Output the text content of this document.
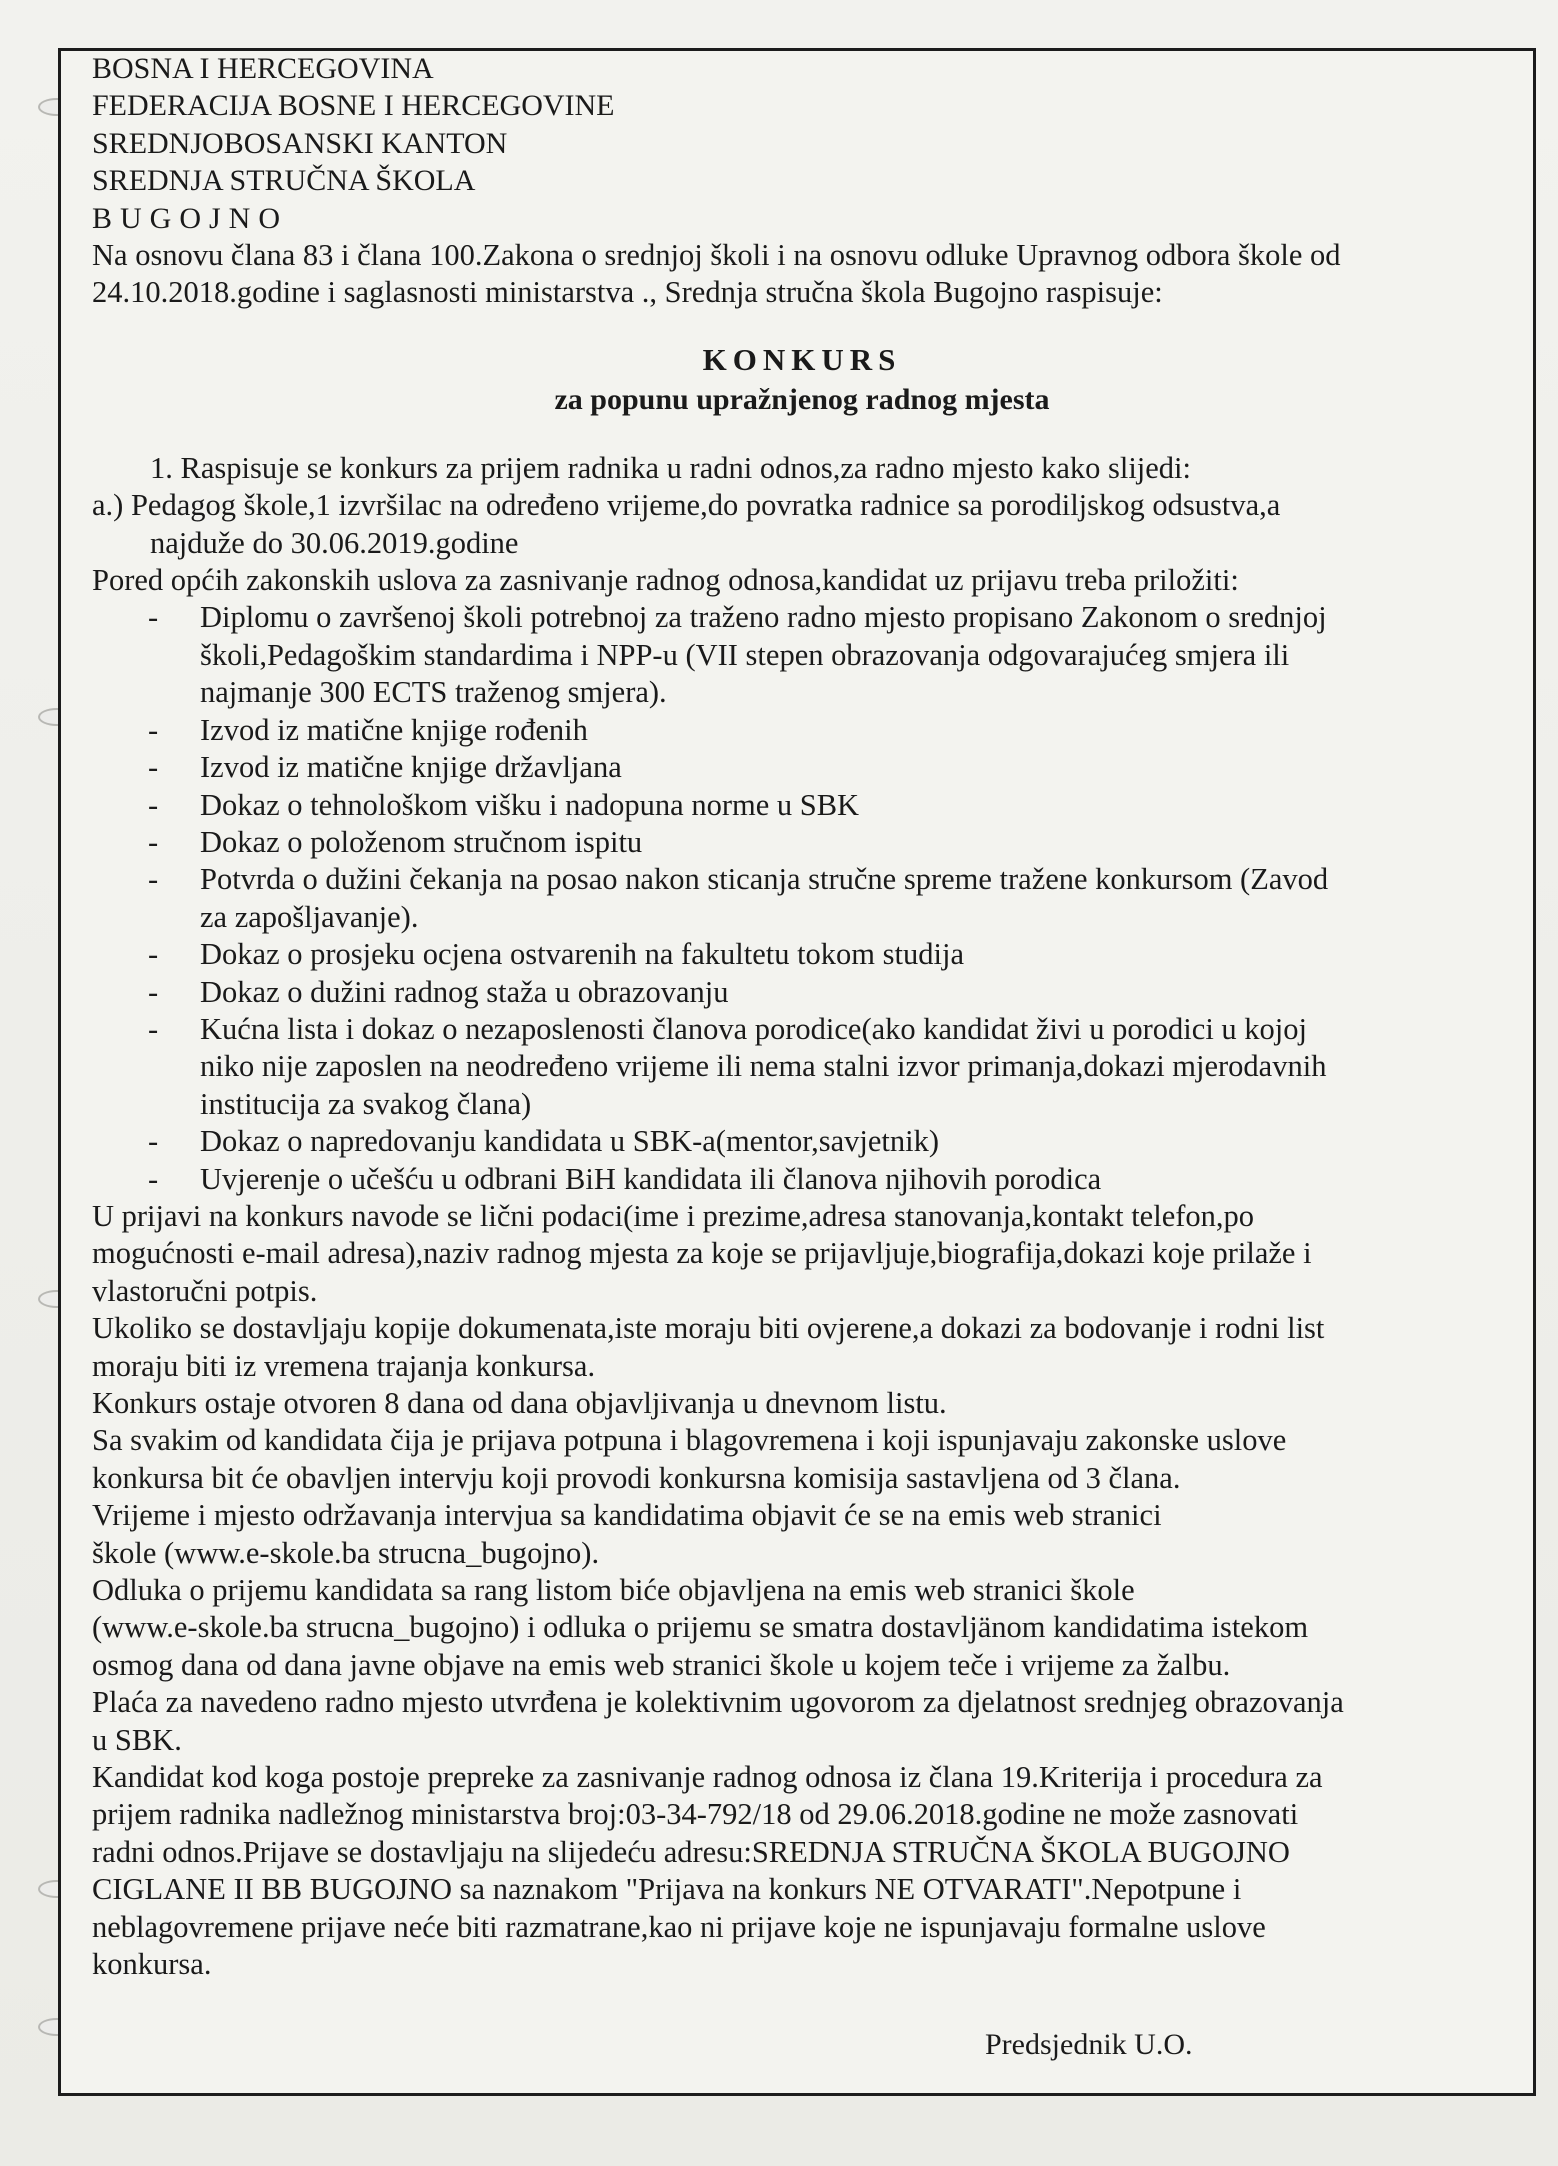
BOSNA I HERCEGOVINA
FEDERACIJA BOSNE I HERCEGOVINE
SREDNJOBOSANSKI KANTON
SREDNJA STRUČNA ŠKOLA
BUGOJNO
Na osnovu člana 83 i člana 100.Zakona o srednjoj školi i na osnovu odluke Upravnog odbora škole od
24.10.2018.godine i saglasnosti ministarstva ., Srednja stručna škola Bugojno raspisuje:
KONKURS
za popunu upražnjenog radnog mjesta
1. Raspisuje se konkurs za prijem radnika u radni odnos,za radno mjesto kako slijedi:
a.) Pedagog škole,1 izvršilac na određeno vrijeme,do povratka radnice sa porodiljskog odsustva,a
najduže do 30.06.2019.godine
Pored općih zakonskih uslova za zasnivanje radnog odnosa,kandidat uz prijavu treba priložiti:
- Diplomu o završenoj školi potrebnoj za traženo radno mjesto propisano Zakonom o srednjoj
školi,Pedagoškim standardima i NPP-u (VII stepen obrazovanja odgovarajućeg smjera ili
najmanje 300 ECTS traženog smjera).
- Izvod iz matične knjige rođenih
- Izvod iz matične knjige državljana
- Dokaz o tehnološkom višku i nadopuna norme u SBK
- Dokaz o položenom stručnom ispitu
- Potvrda o dužini čekanja na posao nakon sticanja stručne spreme tražene konkursom (Zavod
za zapošljavanje).
- Dokaz o prosjeku ocjena ostvarenih na fakultetu tokom studija
- Dokaz o dužini radnog staža u obrazovanju
- Kućna lista i dokaz o nezaposlenosti članova porodice(ako kandidat živi u porodici u kojoj
niko nije zaposlen na neodređeno vrijeme ili nema stalni izvor primanja,dokazi mjerodavnih
institucija za svakog člana)
- Dokaz o napredovanju kandidata u SBK-a(mentor,savjetnik)
- Uvjerenje o učešću u odbrani BiH kandidata ili članova njihovih porodica
U prijavi na konkurs navode se lični podaci(ime i prezime,adresa stanovanja,kontakt telefon,po
mogućnosti e-mail adresa),naziv radnog mjesta za koje se prijavljuje,biografija,dokazi koje prilaže i
vlastoručni potpis.
Ukoliko se dostavljaju kopije dokumenata,iste moraju biti ovjerene,a dokazi za bodovanje i rodni list
moraju biti iz vremena trajanja konkursa.
Konkurs ostaje otvoren 8 dana od dana objavljivanja u dnevnom listu.
Sa svakim od kandidata čija je prijava potpuna i blagovremena i koji ispunjavaju zakonske uslove
konkursa bit će obavljen intervju koji provodi konkursna komisija sastavljena od 3 člana.
Vrijeme i mjesto održavanja intervjua sa kandidatima objavit će se na emis web stranici
škole (www.e-skole.ba strucna_bugojno).
Odluka o prijemu kandidata sa rang listom biće objavljena na emis web stranici škole
(www.e-skole.ba strucna_bugojno) i odluka o prijemu se smatra dostavljänom kandidatima istekom
osmog dana od dana javne objave na emis web stranici škole u kojem teče i vrijeme za žalbu.
Plaća za navedeno radno mjesto utvrđena je kolektivnim ugovorom za djelatnost srednjeg obrazovanja
u SBK.
Kandidat kod koga postoje prepreke za zasnivanje radnog odnosa iz člana 19.Kriterija i procedura za
prijem radnika nadležnog ministarstva broj:03-34-792/18 od 29.06.2018.godine ne može zasnovati
radni odnos.Prijave se dostavljaju na slijedeću adresu:SREDNJA STRUČNA ŠKOLA BUGOJNO
CIGLANE II BB BUGOJNO sa naznakom "Prijava na konkurs NE OTVARATI".Nepotpune i
neblagovremene prijave neće biti razmatrane,kao ni prijave koje ne ispunjavaju formalne uslove
konkursa.
Predsjednik U.O.
